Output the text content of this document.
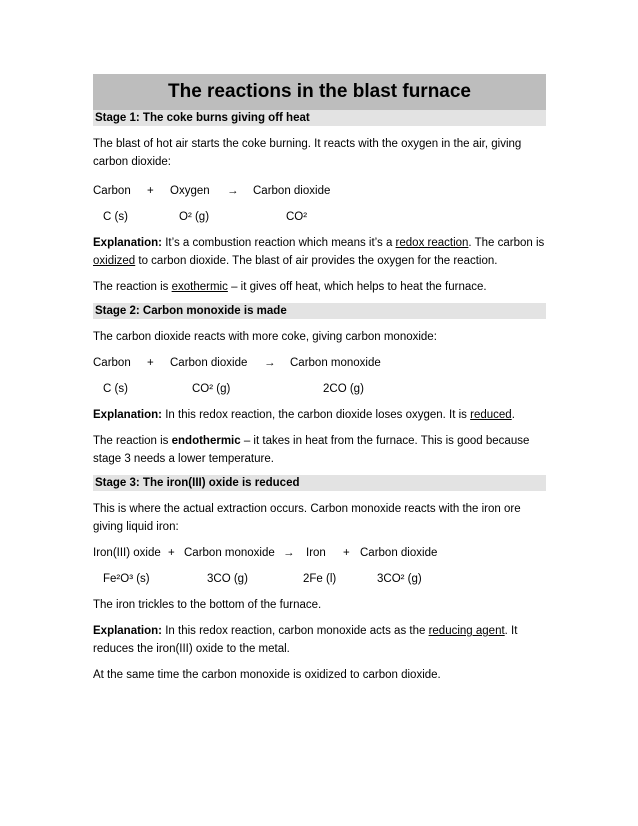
The reactions in the blast furnace
Stage 1: The coke burns giving off heat

The blast of hot air starts the coke burning. It reacts with the oxygen in the air, giving carbon dioxide:

Carbon + Oxygen → Carbon dioxide
C (s)	O² (g)	CO²

Explanation: It’s a combustion reaction which means it’s a redox reaction. The carbon is oxidized to carbon dioxide. The blast of air provides the oxygen for the reaction.

The reaction is exothermic – it gives off heat, which helps to heat the furnace.

Stage 2: Carbon monoxide is made

The carbon dioxide reacts with more coke, giving carbon monoxide:

Carbon + Carbon dioxide → Carbon monoxide
C (s)	CO² (g)	2CO (g)

Explanation: In this redox reaction, the carbon dioxide loses oxygen. It is reduced.

The reaction is endothermic – it takes in heat from the furnace. This is good because stage 3 needs a lower temperature.

Stage 3: The iron(III) oxide is reduced

This is where the actual extraction occurs. Carbon monoxide reacts with the iron ore giving liquid iron:

Iron(III) oxide + Carbon monoxide → Iron + Carbon dioxide
Fe²O³ (s)	3CO (g)	2Fe (l)	3CO² (g)

The iron trickles to the bottom of the furnace.

Explanation: In this redox reaction, carbon monoxide acts as the reducing agent. It reduces the iron(III) oxide to the metal.

At the same time the carbon monoxide is oxidized to carbon dioxide.
